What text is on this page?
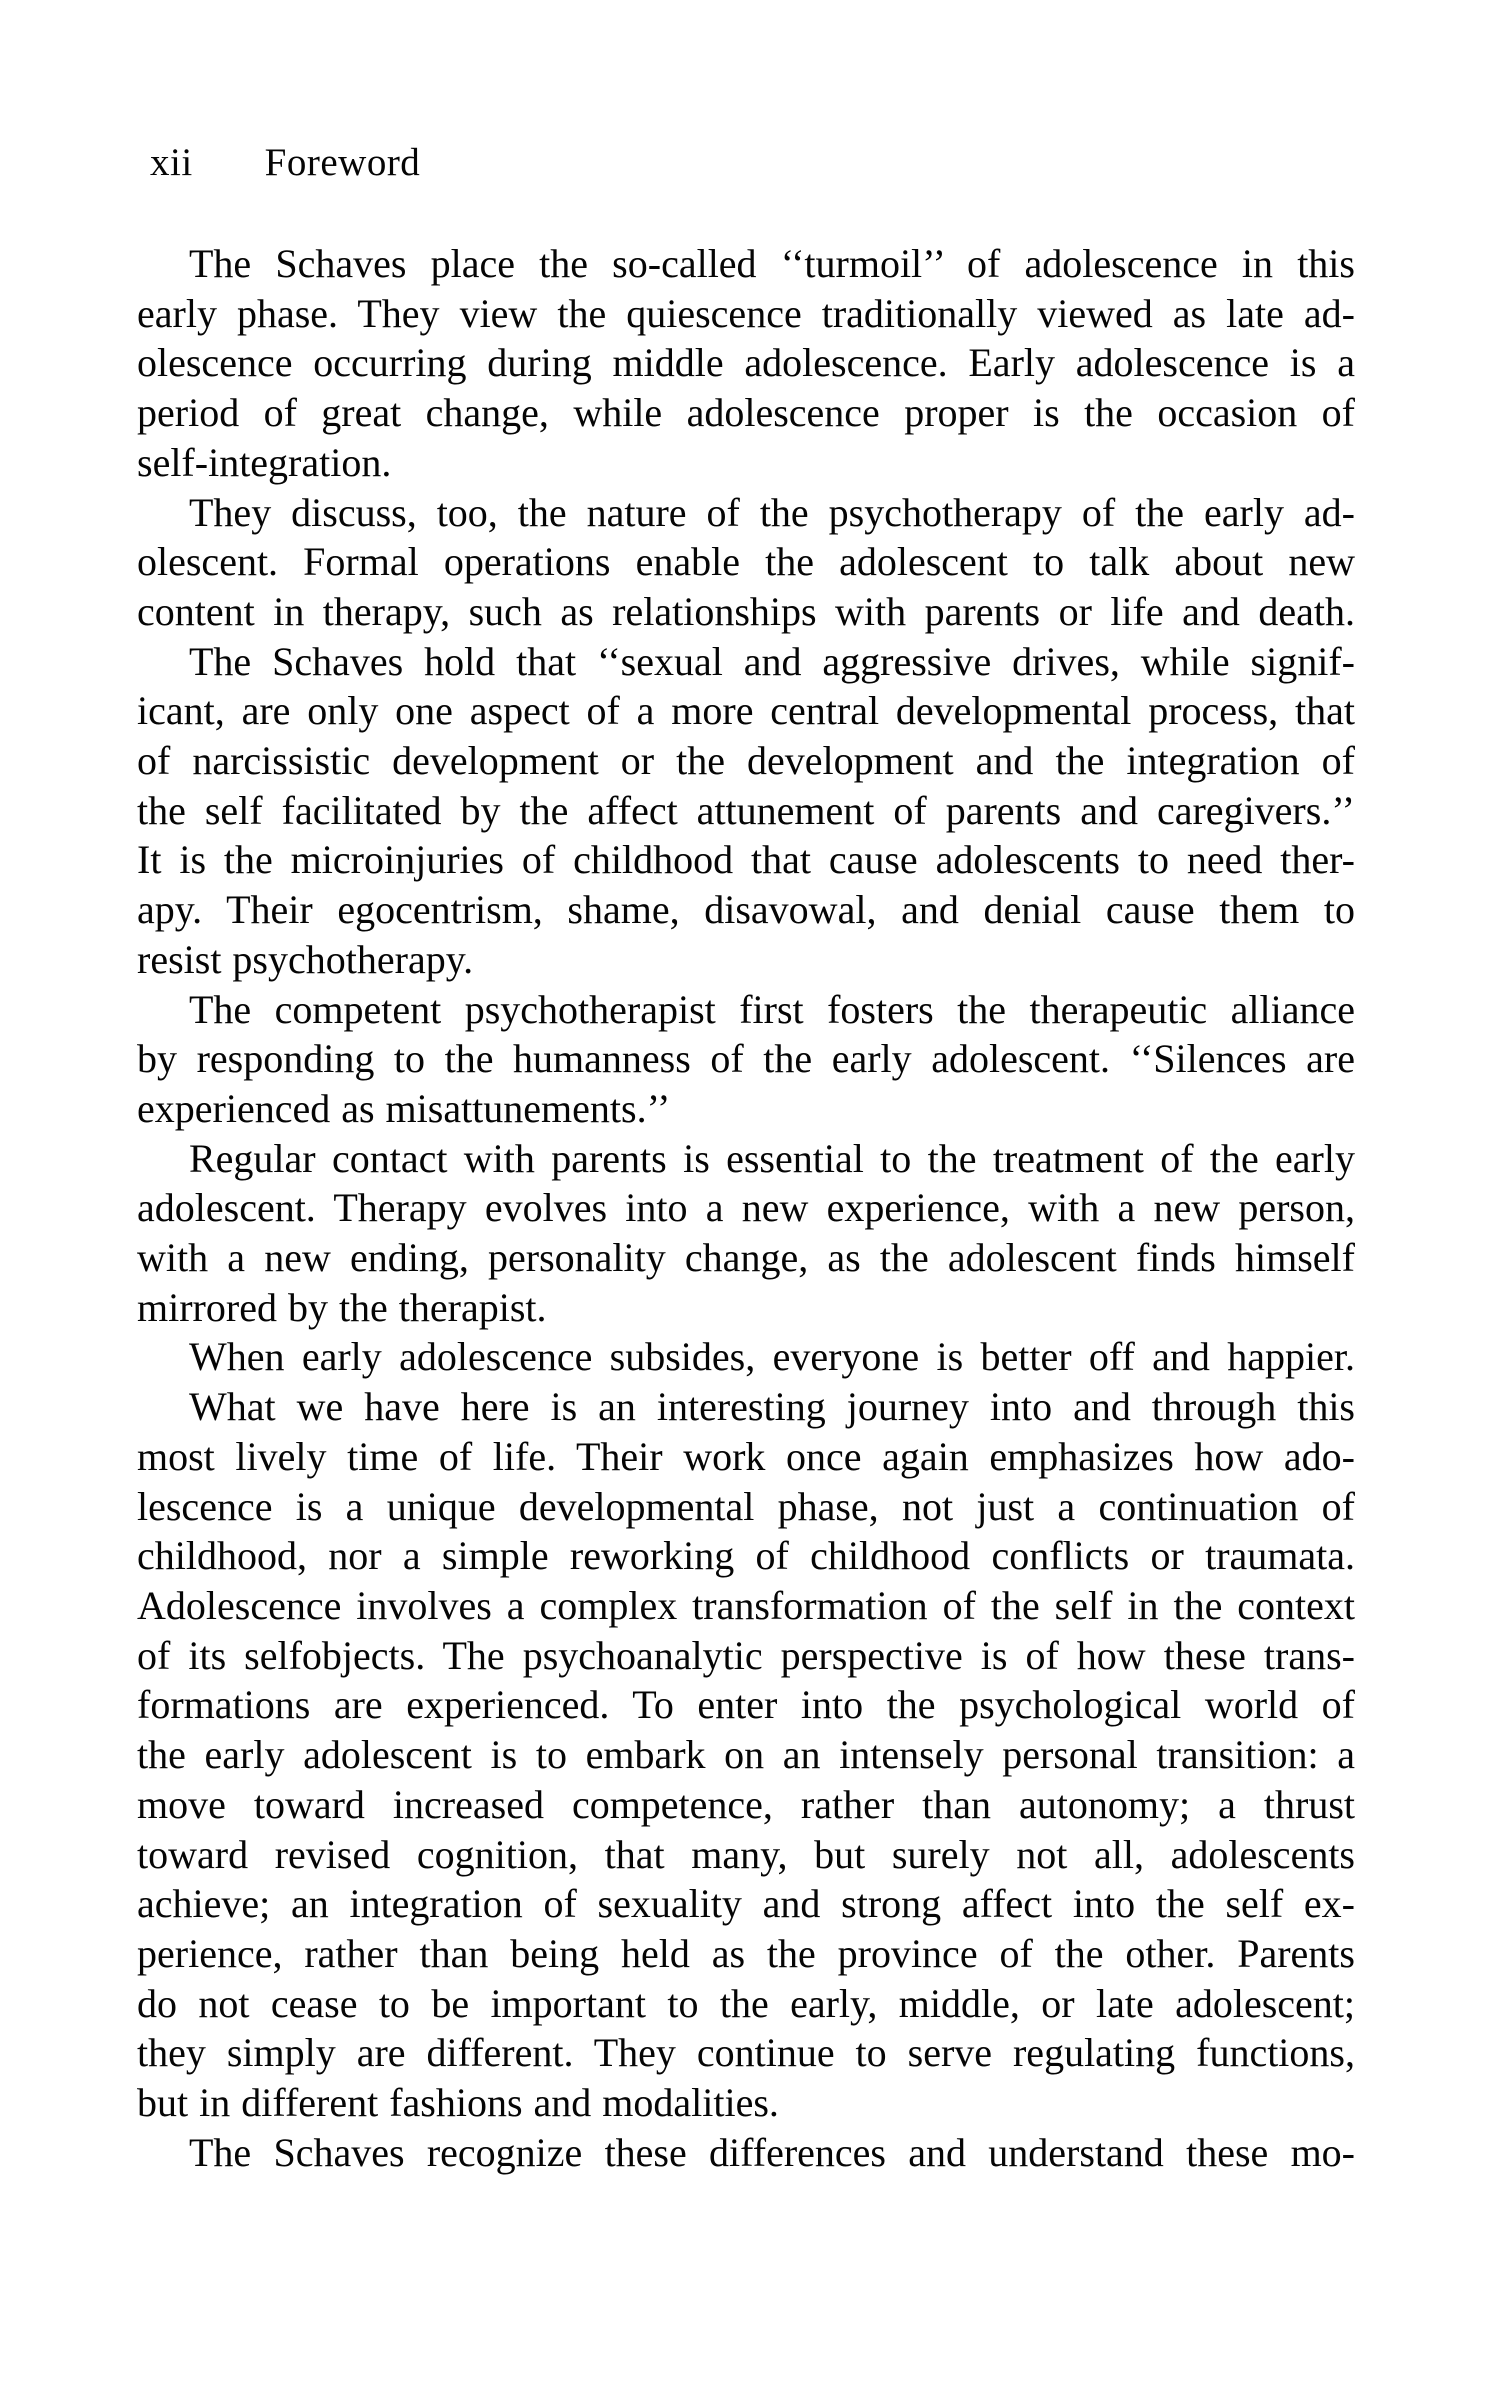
xii Foreword
The Schaves place the so-called ‘‘turmoil’’ of adolescence in this
early phase. They view the quiescence traditionally viewed as late ad-
olescence occurring during middle adolescence. Early adolescence is a
period of great change, while adolescence proper is the occasion of
self-integration.
They discuss, too, the nature of the psychotherapy of the early ad-
olescent. Formal operations enable the adolescent to talk about new
content in therapy, such as relationships with parents or life and death.
The Schaves hold that ‘‘sexual and aggressive drives, while signif-
icant, are only one aspect of a more central developmental process, that
of narcissistic development or the development and the integration of
the self facilitated by the affect attunement of parents and caregivers.’’
It is the microinjuries of childhood that cause adolescents to need ther-
apy. Their egocentrism, shame, disavowal, and denial cause them to
resist psychotherapy.
The competent psychotherapist first fosters the therapeutic alliance
by responding to the humanness of the early adolescent. ‘‘Silences are
experienced as misattunements.’’
Regular contact with parents is essential to the treatment of the early
adolescent. Therapy evolves into a new experience, with a new person,
with a new ending, personality change, as the adolescent finds himself
mirrored by the therapist.
When early adolescence subsides, everyone is better off and happier.
What we have here is an interesting journey into and through this
most lively time of life. Their work once again emphasizes how ado-
lescence is a unique developmental phase, not just a continuation of
childhood, nor a simple reworking of childhood conflicts or traumata.
Adolescence involves a complex transformation of the self in the context
of its selfobjects. The psychoanalytic perspective is of how these trans-
formations are experienced. To enter into the psychological world of
the early adolescent is to embark on an intensely personal transition: a
move toward increased competence, rather than autonomy; a thrust
toward revised cognition, that many, but surely not all, adolescents
achieve; an integration of sexuality and strong affect into the self ex-
perience, rather than being held as the province of the other. Parents
do not cease to be important to the early, middle, or late adolescent;
they simply are different. They continue to serve regulating functions,
but in different fashions and modalities.
The Schaves recognize these differences and understand these mo-
